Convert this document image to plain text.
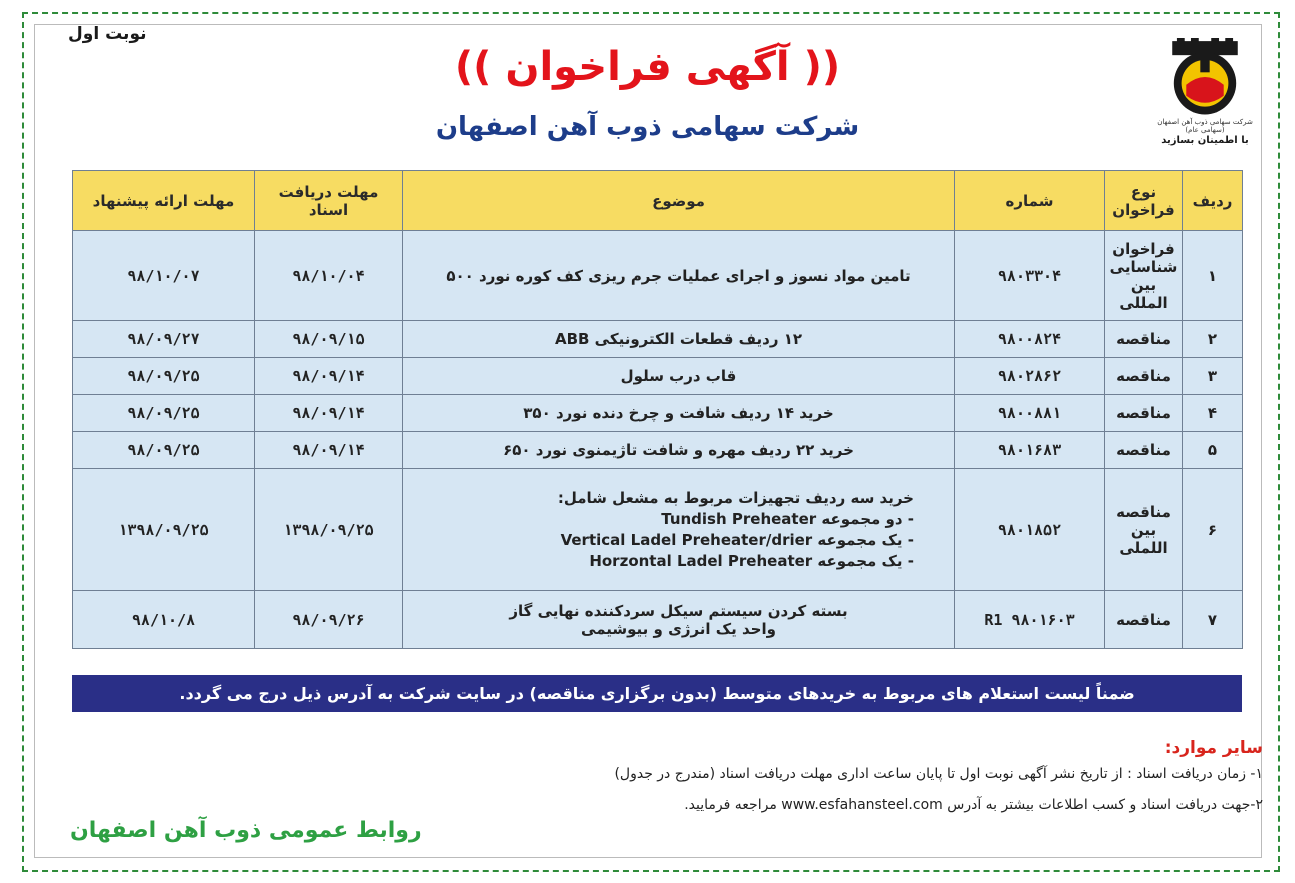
نوبت اول
(( آگهی فراخوان ))
شرکت سهامی ذوب آهن اصفهان	شرکت سهامی ذوب آهن اصفهان (سهامی عام)
با اطمینان بسازید
ردیف	نوع فراخوان	شماره	موضوع	مهلت دریافت اسناد	مهلت ارائه پیشنهاد
۱	فراخوان شناسایی بین المللی	۹۸۰۳۳۰۴	تامین مواد نسوز و اجرای عملیات جرم ریزی کف کوره نورد ۵۰۰	۹۸/۱۰/۰۴	۹۸/۱۰/۰۷
۲	مناقصه	۹۸۰۰۸۲۴	۱۲ ردیف قطعات الکترونیکی ABB	۹۸/۰۹/۱۵	۹۸/۰۹/۲۷
۳	مناقصه	۹۸۰۲۸۶۲	قاب درب سلول	۹۸/۰۹/۱۴	۹۸/۰۹/۲۵
۴	مناقصه	۹۸۰۰۸۸۱	خرید ۱۴ ردیف شافت و چرخ دنده نورد ۳۵۰	۹۸/۰۹/۱۴	۹۸/۰۹/۲۵
۵	مناقصه	۹۸۰۱۶۸۳	خرید ۲۲ ردیف مهره و شافت تاژیمنوی نورد ۶۵۰	۹۸/۰۹/۱۴	۹۸/۰۹/۲۵
۶	مناقصه بین اللملی	۹۸۰۱۸۵۲	خرید سه ردیف تجهیزات مربوط به مشعل شامل:
- دو مجموعه Tundish Preheater
- یک مجموعه Vertical Ladel Preheater/drier
- یک مجموعه Horzontal Ladel Preheater	۱۳۹۸/۰۹/۲۵	۱۳۹۸/۰۹/۲۵
۷	مناقصه	R1 ۹۸۰۱۶۰۳	بسته کردن سیستم سیکل سردکننده نهایی گاز
واحد یک انرژی و بیوشیمی	۹۸/۰۹/۲۶	۹۸/۱۰/۸
ضمناً لیست استعلام های مربوط به خریدهای متوسط (بدون برگزاری مناقصه) در سایت شرکت به آدرس ذیل درج می گردد.
سایر موارد:
۱- زمان دریافت اسناد : از تاریخ نشر آگهی نوبت اول تا پایان ساعت اداری مهلت دریافت اسناد (مندرج در جدول)
۲-جهت دریافت اسناد و کسب اطلاعات بیشتر به آدرس www.esfahansteel.com مراجعه فرمایید.
روابط عمومی ذوب آهن اصفهان
